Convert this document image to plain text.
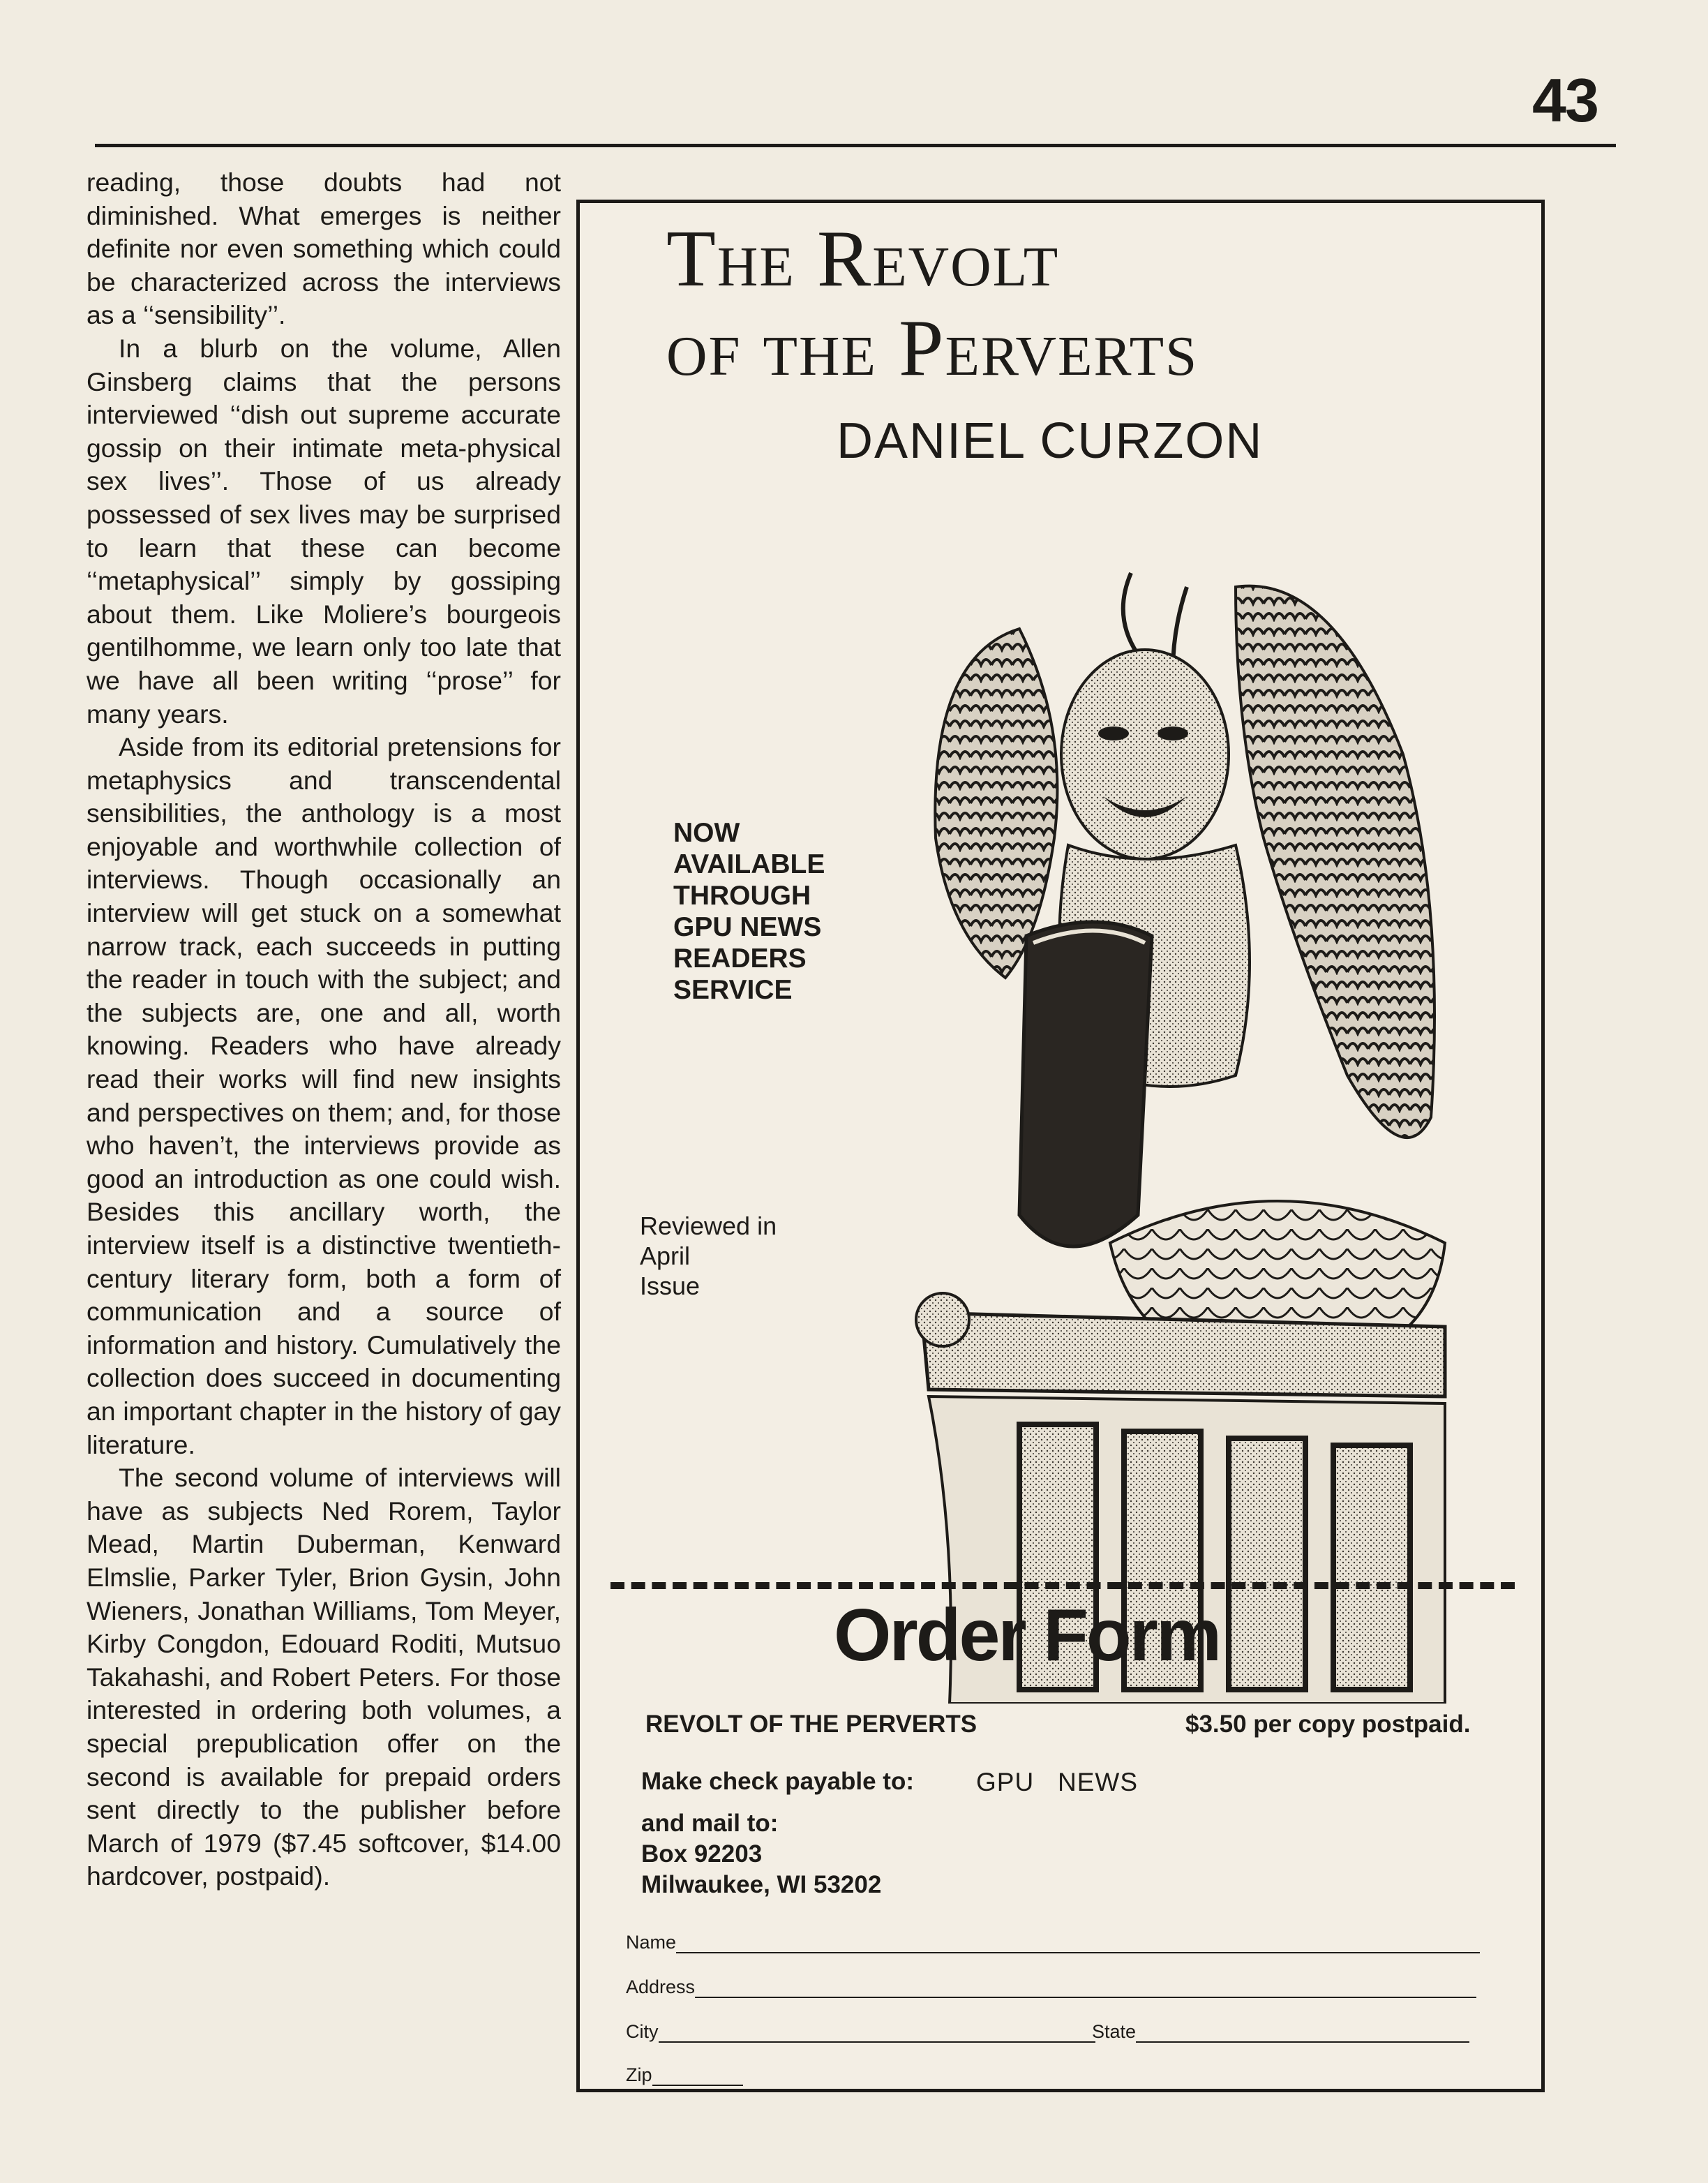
43

reading, those doubts had not diminished. What emerges is neither definite nor even something which could be characterized across the interviews as a ‘‘sensibility’’.

In a blurb on the volume, Allen Ginsberg claims that the persons interviewed ‘‘dish out supreme accurate gossip on their intimate meta-physical sex lives’’. Those of us already possessed of sex lives may be surprised to learn that these can become ‘‘metaphysical’’ simply by gossiping about them. Like Moliere’s bourgeois gentilhomme, we learn only too late that we have all been writing ‘‘prose’’ for many years.

Aside from its editorial pretensions for metaphysics and transcendental sensibilities, the anthology is a most enjoyable and worthwhile collection of interviews. Though occasionally an interview will get stuck on a somewhat narrow track, each succeeds in putting the reader in touch with the subject; and the subjects are, one and all, worth knowing. Readers who have already read their works will find new insights and perspectives on them; and, for those who haven’t, the interviews provide as good an introduction as one could wish. Besides this ancillary worth, the interview itself is a distinctive twentieth-century literary form, both a form of communication and a source of information and history. Cumulatively the collection does succeed in documenting an important chapter in the history of gay literature.

The second volume of interviews will have as subjects Ned Rorem, Taylor Mead, Martin Duberman, Kenward Elmslie, Parker Tyler, Brion Gysin, John Wieners, Jonathan Williams, Tom Meyer, Kirby Congdon, Edouard Roditi, Mutsuo Takahashi, and Robert Peters. For those interested in ordering both volumes, a special prepublication offer on the second is available for prepaid orders sent directly to the publisher before March of 1979 ($7.45 softcover, $14.00 hardcover, postpaid).

The Revolt
of the Perverts
DANIEL CURZON
NOW
AVAILABLE
THROUGH
GPU NEWS
READERS
SERVICE
Reviewed in
April
Issue
Order Form
REVOLT OF THE PERVERTS	$3.50 per copy postpaid.
Make check payable to: GPU   NEWS
and mail to:
Box 92203
Milwaukee, WI 53202
Name
Address
City	State
Zip
